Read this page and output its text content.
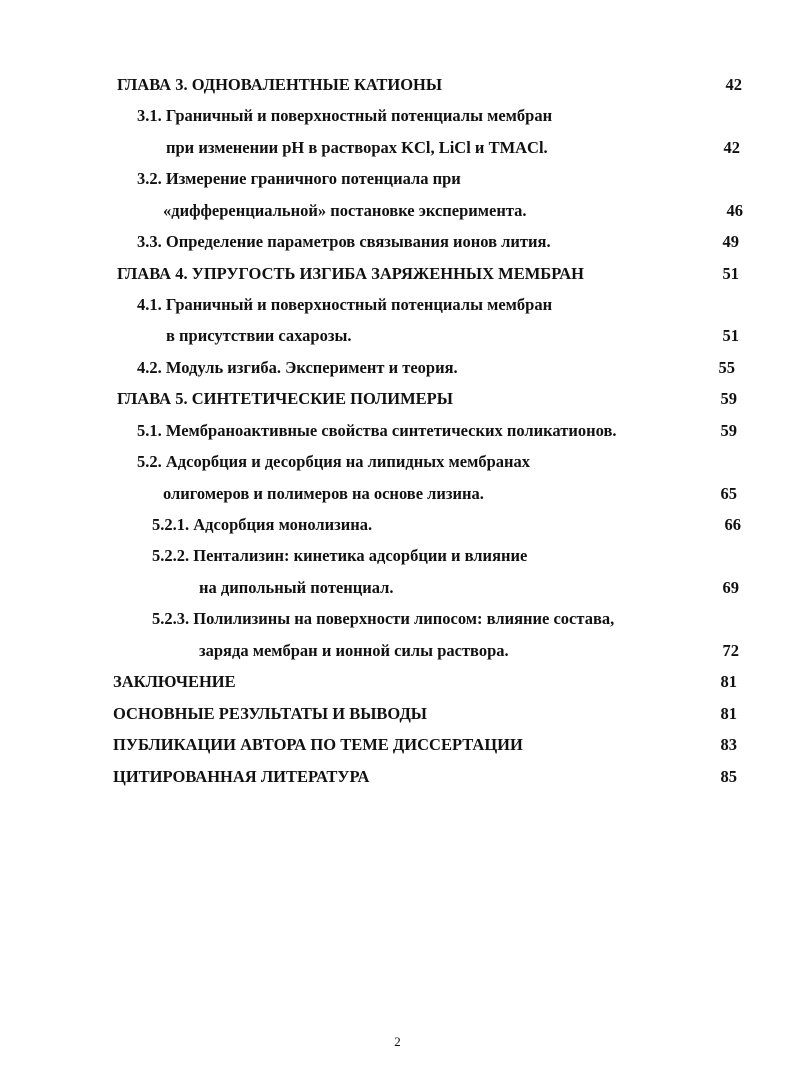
ГЛАВА 3. ОДНОВАЛЕНТНЫЕ КАТИОНЫ	42
3.1. Граничный и поверхностный потенциалы мембран
при изменении pH в растворах KCl, LiCl и TMACl.	42
3.2. Измерение граничного потенциала при
«дифференциальной» постановке эксперимента.	46
3.3. Определение параметров связывания ионов лития.	49
ГЛАВА 4. УПРУГОСТЬ ИЗГИБА ЗАРЯЖЕННЫХ МЕМБРАН	51
4.1. Граничный и поверхностный потенциалы мембран
в присутствии сахарозы.	51
4.2. Модуль изгиба. Эксперимент и теория.	55
ГЛАВА 5. СИНТЕТИЧЕСКИЕ ПОЛИМЕРЫ	59
5.1. Мембраноактивные свойства синтетических поликатионов.	59
5.2. Адсорбция и десорбция на липидных мембранах
олигомеров и полимеров на основе лизина.	65
5.2.1. Адсорбция монолизина.	66
5.2.2. Пентализин: кинетика адсорбции и влияние
на дипольный потенциал.	69
5.2.3. Полилизины на поверхности липосом: влияние состава,
заряда мембран и ионной силы раствора.	72
ЗАКЛЮЧЕНИЕ	81
ОСНОВНЫЕ РЕЗУЛЬТАТЫ И ВЫВОДЫ	81
ПУБЛИКАЦИИ АВТОРА ПО ТЕМЕ ДИССЕРТАЦИИ	83
ЦИТИРОВАННАЯ ЛИТЕРАТУРА	85
2
